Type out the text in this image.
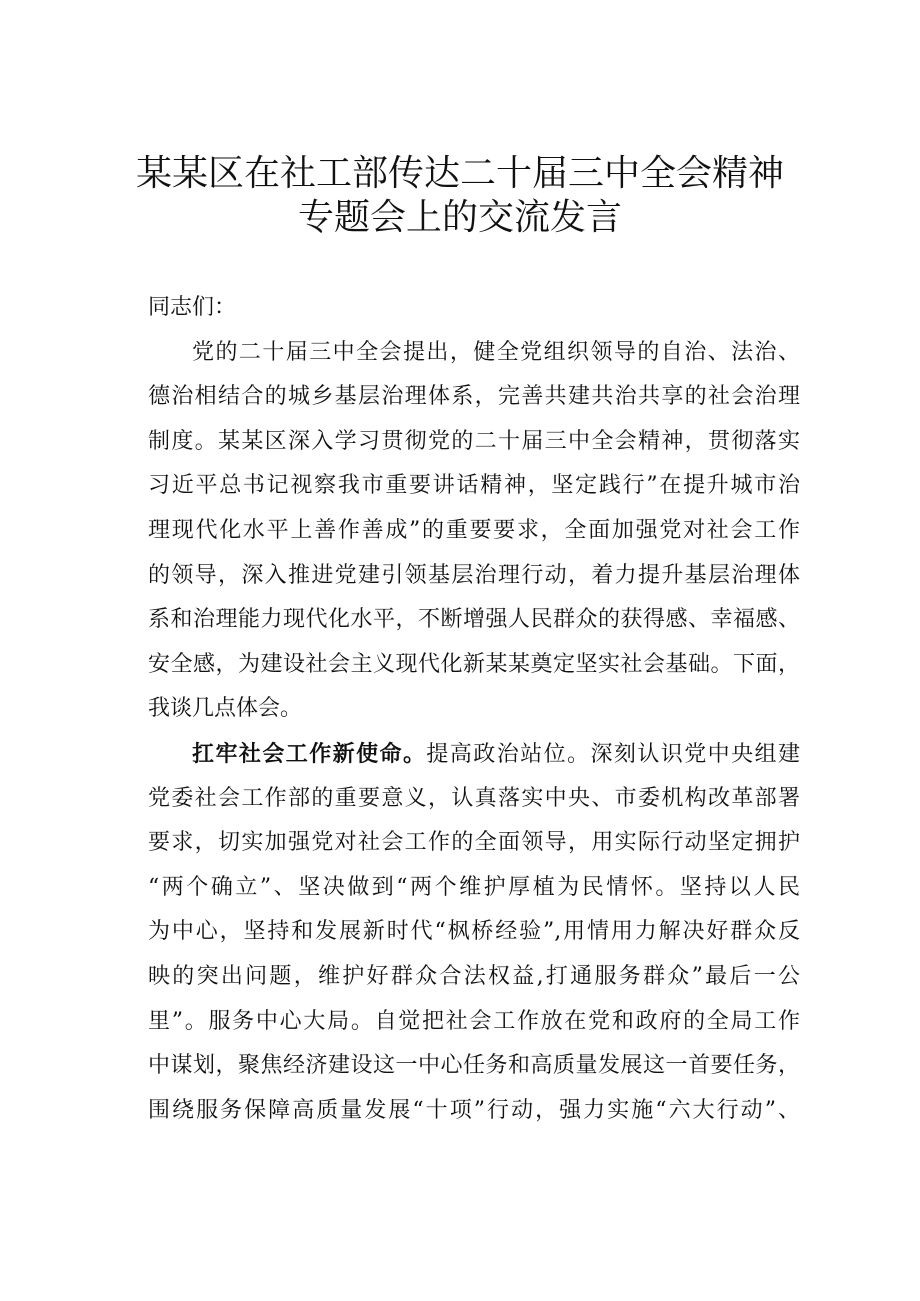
某某区在社工部传达二十届三中全会精神
专题会上的交流发言
同志们：
党的二十届三中全会提出，健全党组织领导的自治、法治、
德治相结合的城乡基层治理体系，完善共建共治共享的社会治理
制度。某某区深入学习贯彻党的二十届三中全会精神，贯彻落实
习近平总书记视察我市重要讲话精神，坚定践行”在提升城市治
理现代化水平上善作善成”的重要要求，全面加强党对社会工作
的领导，深入推进党建引领基层治理行动，着力提升基层治理体
系和治理能力现代化水平，不断增强人民群众的获得感、幸福感、
安全感，为建设社会主义现代化新某某奠定坚实社会基础。下面，
我谈几点体会。
扛牢社会工作新使命。提高政治站位。深刻认识党中央组建
党委社会工作部的重要意义，认真落实中央、市委机构改革部署
要求，切实加强党对社会工作的全面领导，用实际行动坚定拥护
“两个确立”、坚决做到“两个维护厚植为民情怀。坚持以人民
为中心，坚持和发展新时代“枫桥经验”,用情用力解决好群众反
映的突出问题，维护好群众合法权益,打通服务群众”最后一公
里”。服务中心大局。自觉把社会工作放在党和政府的全局工作
中谋划，聚焦经济建设这一中心任务和高质量发展这一首要任务，
围绕服务保障高质量发展“十项”行动，强力实施“六大行动”、
